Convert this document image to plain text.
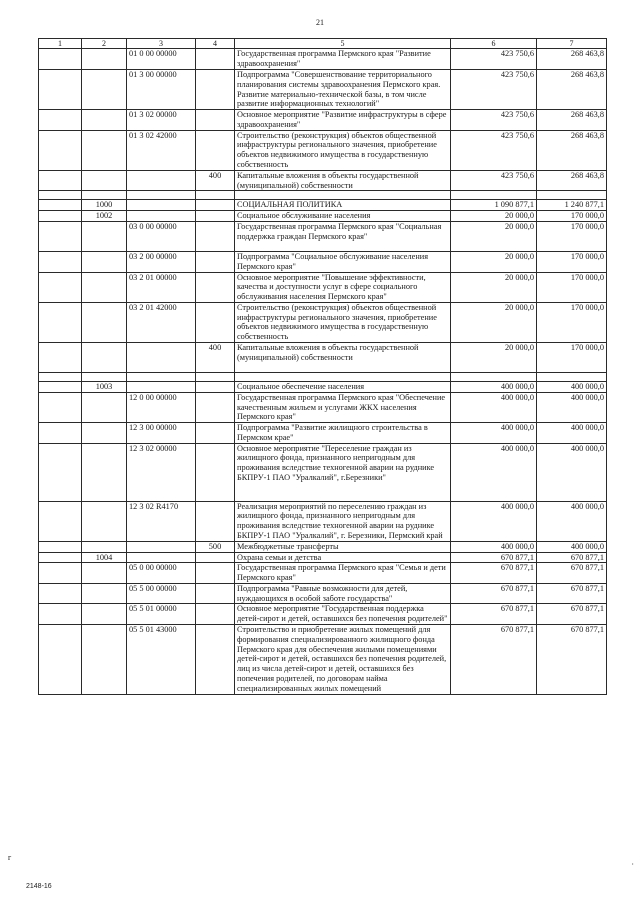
21
1	2	3	4	5	6	7
		01 0 00 00000		Государственная программа Пермского края "Развитие здравоохранения"	423 750,6	268 463,8
		01 3 00 00000		Подпрограмма "Совершенствование территориального планирования системы здравоохранения Пермского края. Развитие материально-технической базы, в том числе развитие информационных технологий"	423 750,6	268 463,8
		01 3 02 00000		Основное мероприятие "Развитие инфраструктуры в сфере здравоохранения"	423 750,6	268 463,8
		01 3 02 42000		Строительство (реконструкция) объектов общественной инфраструктуры регионального значения, приобретение объектов недвижимого имущества в государственную собственность	423 750,6	268 463,8
			400	Капитальные вложения в объекты государственной (муниципальной) собственности	423 750,6	268 463,8

	1000			СОЦИАЛЬНАЯ ПОЛИТИКА	1 090 877,1	1 240 877,1
	1002			Социальное обслуживание населения	20 000,0	170 000,0
		03 0 00 00000		Государственная программа Пермского края "Социальная поддержка граждан Пермского края"	20 000,0	170 000,0
		03 2 00 00000		Подпрограмма "Социальное обслуживание населения Пермского края"	20 000,0	170 000,0
		03 2 01 00000		Основное мероприятие "Повышение эффективности, качества и доступности услуг в сфере социального обслуживания населения Пермского края"	20 000,0	170 000,0
		03 2 01 42000		Строительство (реконструкция) объектов общественной инфраструктуры регионального значения, приобретение объектов недвижимого имущества в государственную собственность	20 000,0	170 000,0
			400	Капитальные вложения в объекты государственной (муниципальной) собственности	20 000,0	170 000,0

	1003			Социальное обеспечение населения	400 000,0	400 000,0
		12 0 00 00000		Государственная программа Пермского края "Обеспечение качественным жильем и услугами ЖКХ населения Пермского края"	400 000,0	400 000,0
		12 3 00 00000		Подпрограмма "Развитие жилищного строительства в Пермском крае"	400 000,0	400 000,0
		12 3 02 00000		Основное мероприятие "Переселение граждан из жилищного фонда, признанного непригодным для проживания вследствие техногенной аварии на руднике БКПРУ-1 ПАО "Уралкалий", г.Березники"	400 000,0	400 000,0
		12 3 02 R4170		Реализация мероприятий по переселению граждан из жилищного фонда, признанного непригодным для проживания вследствие техногенной аварии на руднике БКПРУ-1 ПАО "Уралкалий", г. Березники, Пермский край	400 000,0	400 000,0
			500	Межбюджетные трансферты	400 000,0	400 000,0
	1004			Охрана семьи и детства	670 877,1	670 877,1
		05 0 00 00000		Государственная программа Пермского края "Семья и дети Пермского края"	670 877,1	670 877,1
		05 5 00 00000		Подпрограмма "Равные возможности для детей, нуждающихся в особой заботе государства"	670 877,1	670 877,1
		05 5 01 00000		Основное мероприятие "Государственная поддержка детей-сирот и детей, оставшихся без попечения родителей"	670 877,1	670 877,1
		05 5 01 43000		Строительство и приобретение жилых помещений для формирования специализированного жилищного фонда Пермского края для обеспечения жилыми помещениями детей-сирот и детей, оставшихся без попечения родителей, лиц из числа детей-сирот и детей, оставшихся без попечения родителей, по договорам найма специализированных жилых помещений	670 877,1	670 877,1
г
·
2148-16
